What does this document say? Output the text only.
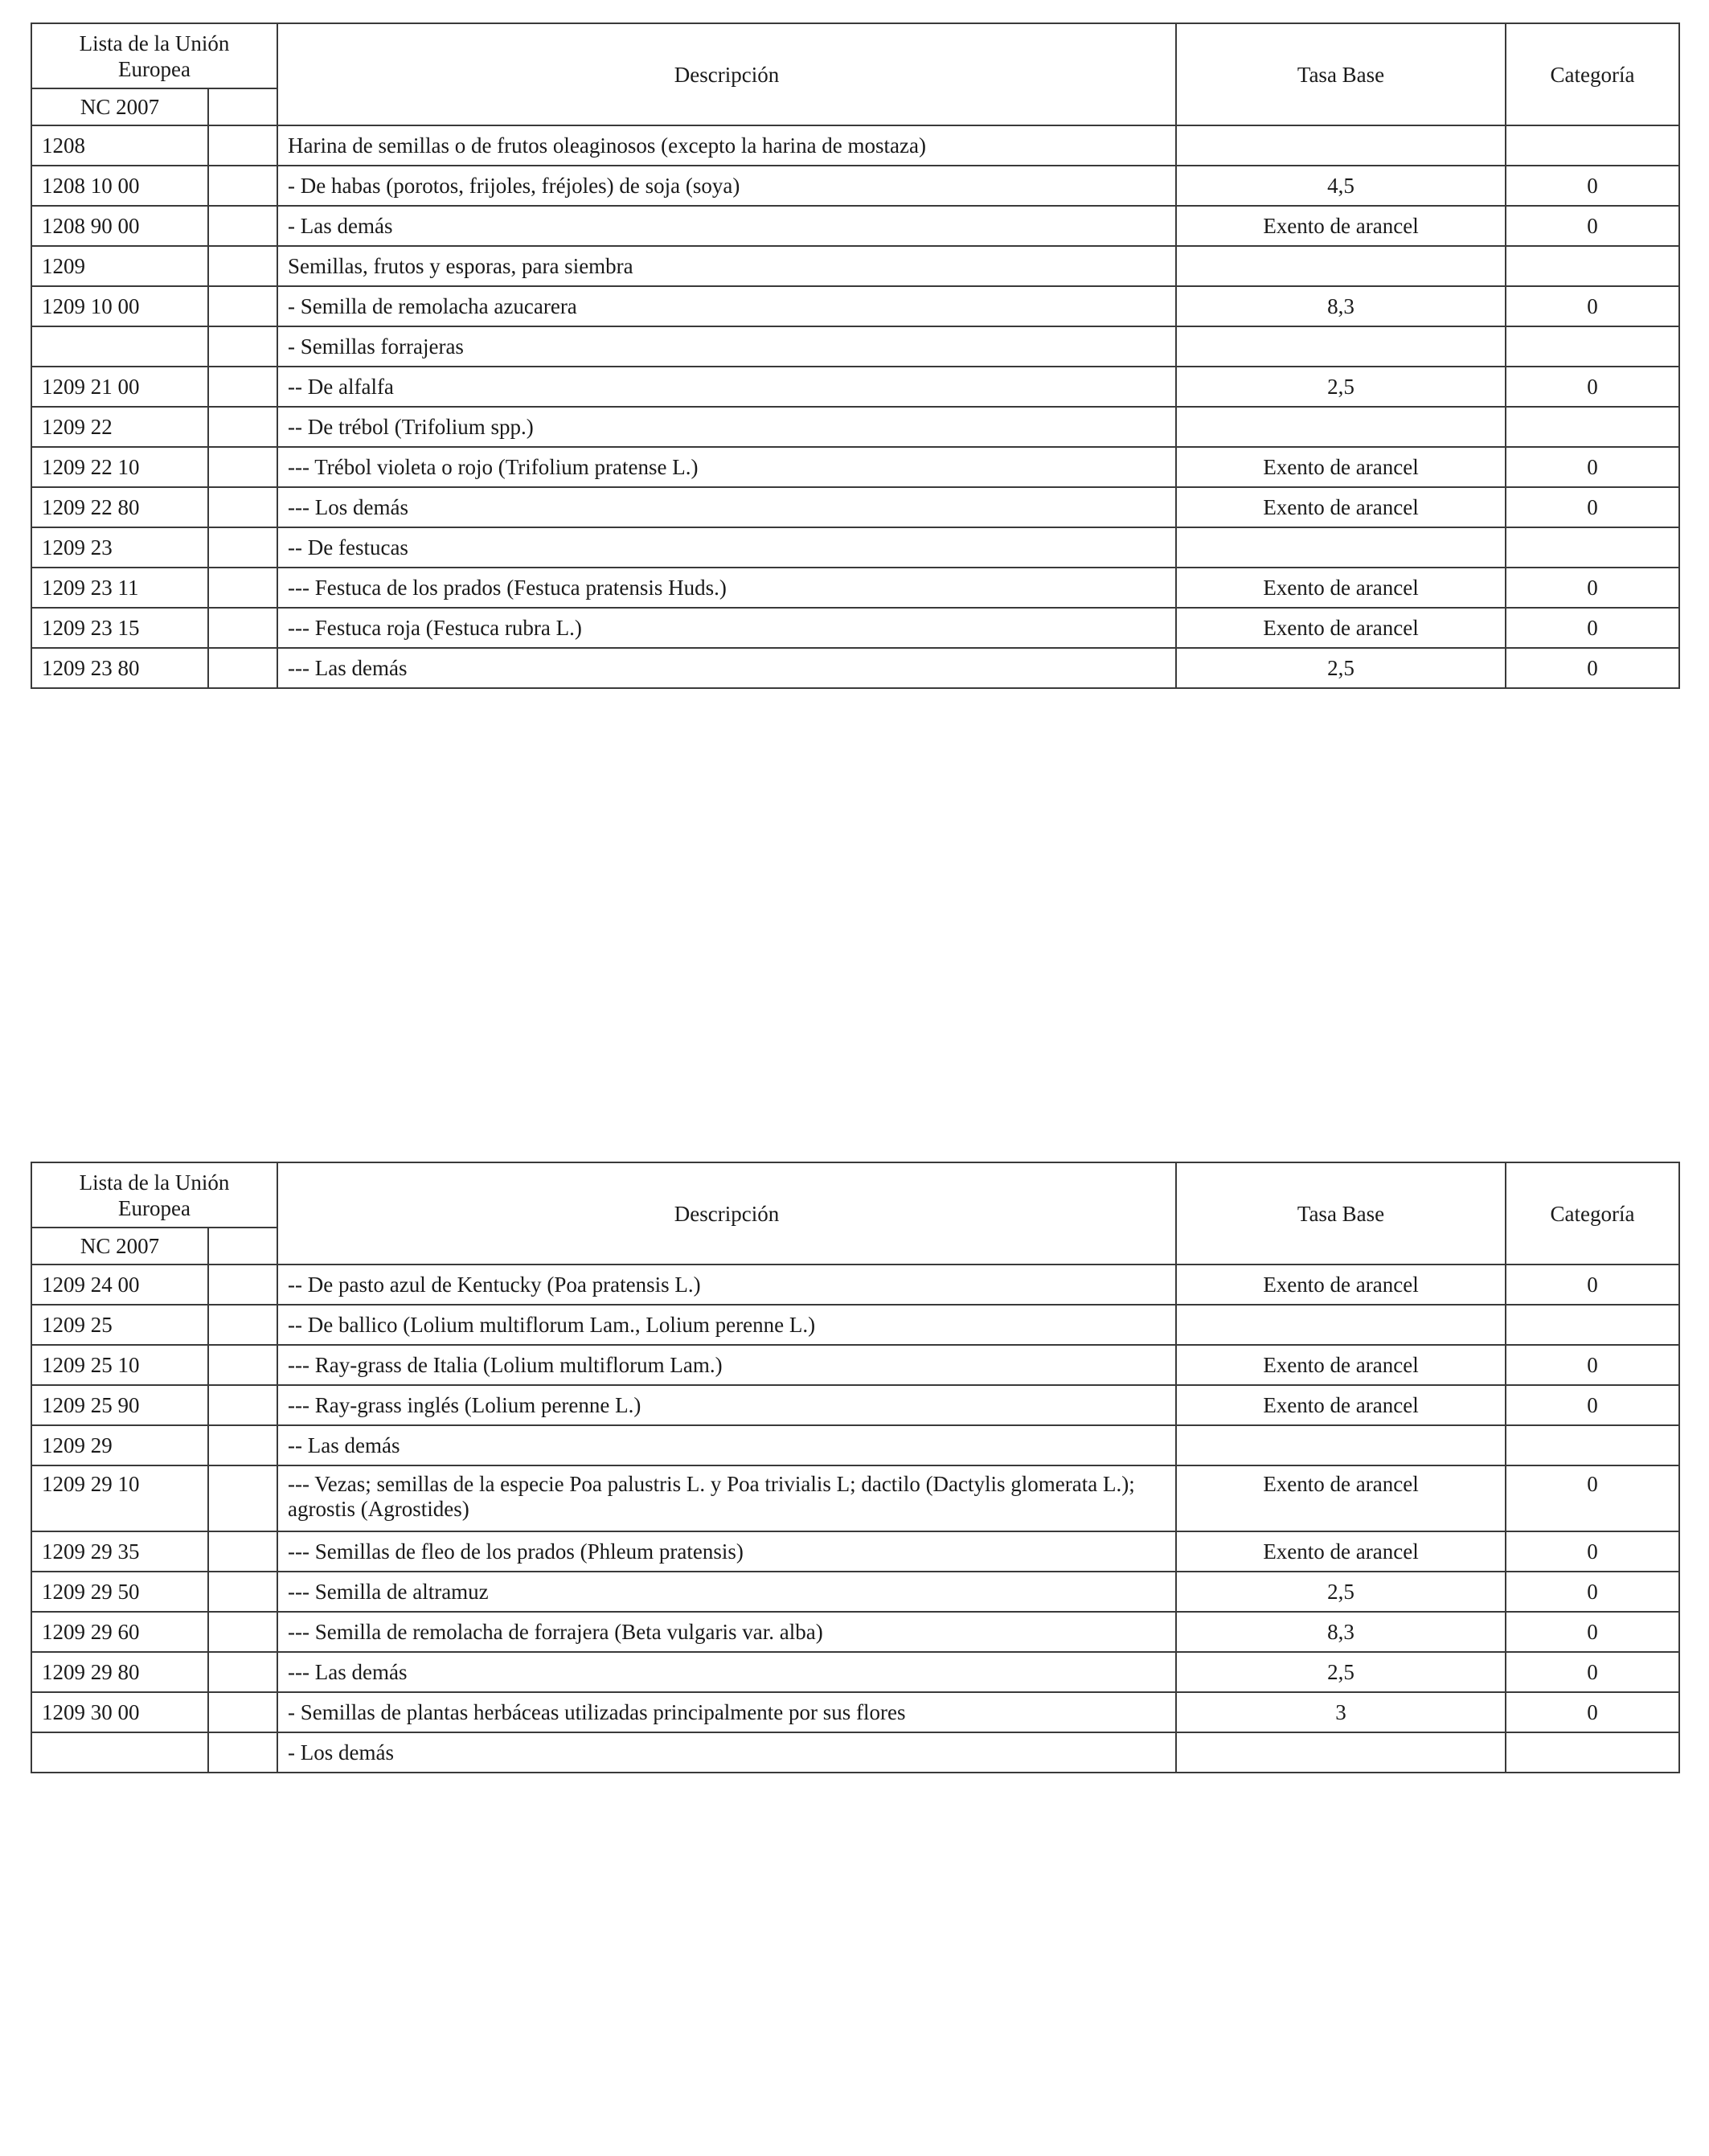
Lista de la Unión Europea		Descripción	Tasa Base	Categoría
NC 2007				
1208		Harina de semillas o de frutos oleaginosos (excepto la harina de mostaza)		
1208 10 00		- De habas (porotos, frijoles, fréjoles) de soja (soya)	4,5	0
1208 90 00		- Las demás	Exento de arancel	0
1209		Semillas, frutos y esporas, para siembra		
1209 10 00		- Semilla de remolacha azucarera	8,3	0
		- Semillas forrajeras		
1209 21 00		-- De alfalfa	2,5	0
1209 22		-- De trébol (Trifolium spp.)		
1209 22 10		--- Trébol violeta o rojo (Trifolium pratense L.)	Exento de arancel	0
1209 22 80		--- Los demás	Exento de arancel	0
1209 23		-- De festucas		
1209 23 11		--- Festuca de los prados (Festuca pratensis Huds.)	Exento de arancel	0
1209 23 15		--- Festuca roja (Festuca rubra L.)	Exento de arancel	0
1209 23 80		--- Las demás	2,5	0
Lista de la Unión Europea		Descripción	Tasa Base	Categoría
NC 2007				
1209 24 00		-- De pasto azul de Kentucky (Poa pratensis L.)	Exento de arancel	0
1209 25		-- De ballico (Lolium multiflorum Lam., Lolium perenne L.)		
1209 25 10		--- Ray-grass de Italia (Lolium multiflorum Lam.)	Exento de arancel	0
1209 25 90		--- Ray-grass inglés (Lolium perenne L.)	Exento de arancel	0
1209 29		-- Las demás		
1209 29 10		--- Vezas; semillas de la especie Poa palustris L. y Poa trivialis L; dactilo (Dactylis glomerata L.); agrostis (Agrostides)	Exento de arancel	0
1209 29 35		--- Semillas de fleo de los prados (Phleum pratensis)	Exento de arancel	0
1209 29 50		--- Semilla de altramuz	2,5	0
1209 29 60		--- Semilla de remolacha de forrajera (Beta vulgaris var. alba)	8,3	0
1209 29 80		--- Las demás	2,5	0
1209 30 00		- Semillas de plantas herbáceas utilizadas principalmente por sus flores	3	0
		- Los demás		
